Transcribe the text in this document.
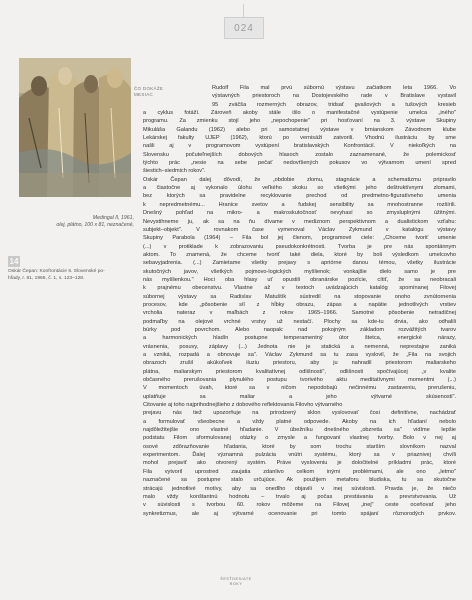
024
Medingal II, 1961,
olej, plátno, 100 x 81, neznačené,
14
Oskár Čepan: Konfrontácie 5. Slovenské po-
hľady, r. 81, 1965, č. 1, s. 123–128.
ČO DOKÁŽE
MESIAC
Rudolf Fila mal prvú súbornú výstavu začiatkom leta 1966. Vo
výstavných priestoroch na Dostojevského rade v Bratislave vystavil
95 zväčša rozmerných obrazov, tridsať gvašových a tušových kresieb
a cyklus fotáží. Zároveň akoby stále išlo o manifestačné vystúpenie umelca „iného"
programu. Za zmienku stojí jeho „nepochopenie" pri hosťovaní na 3. výstave Skupiny
Mikuláša Galandu (1962) alebo pri samostatnej výstave v brnianskom Závodnom klube
Lekárskej fakulty UJEP (1962), ktorú po vernisáži zatvorili. Vhodnú ilustráciu by sme
našli aj v programovom vystúpení bratislavských Konfrontácií. V niekoľkých na
Slovensku počuteľnejších dobových hlasoch zostalo zaznamenané, že polemickosť
týchto prác „nesie na sebe pečať nedovŕšených pokusov vo výtvarnom umení spred
šiestich–siedmich rokov".
Oskár Čepan dalej dôvodí, že „obdobie zlomu, stagnácie a schematizmu pripravilo
a čiastočne aj vykonalo úlohu veľkého skoku so všetkými jeho deštruktívnymi zlomami,
bez ktorých sa pravidelne recyklovanie prechod od predmetno-figuratívneho umenia
k nepredmetnému... Hranice svetov a fudskej sensibility sa mnohostranne rozšírili.
Dnešný pohľad na mikro- a makroskutočnosť nevyhasí so zmysluplnými úžitnými.
Nevystihneme ju, ak sa na ňu dívame v mediznom perspektivnom a dualistickom vzťahu:
subjekt–objekt". V rovnakom čase vymenoval Václav Zykmund v katalógu výstavy
Skupiny Parabola (1964) – Fila bol jej členom, programové ciele: „Chceme tvoriť umenie
(...) v protiklade k zobrazovaniu pseudokonkrétnosti. Tvorba je pre nás spontánnym
aktom. To znamená, že chceme tvoriť také diela, ktoré by boli výsledkom umelcovho
sebavyjadrenia. (...) Zamietame všetky prejavy s apriórne danou témou, všetky ilustrácie
skutočných javov, všetkých pojmovo-logických myšlienok; vonkajšie dielo samo je pre
nás myšlienkou." Hoci oba hlasy uť opustili obranárske pozície, cítiť, že sa neobracali
k prajnému obecenstvu. Vlastne až v textoch uvádzajúcich katalóg spomínanej Filovej
súbornej výstavy sa Radislav Matuštík sústredil na stopovanie onoho zvnútornenia
procesov, kde „pôsobenie síl z hĺbky obrazu, zápas a napätie jednotlivých vrstiev
vrcholia naterаz v maľbách z rokov 1965–1966. Samotné pôsobenie netradičnej
podmaľby na olejové vrchné vrstvy už nestačí. Plochy sa kde-tu drvia, ako odhalili
búrky pod povrchom. Alebo naopak: nad pokojným základom rozvážitých tvarov
a harmonických hladín postupne temperamentný útor štetca, energické nárazy,
vrásnenia, posuvy, záplavy (...) Jednota nie je statická a nemenná, neprestajne zaniká
a vzniká, rozpadá a obnovuje sa". Václav Zykmund sa tu zasa vyslovil, že „Fila na svojich
obrazoch zrušil akúkoľvek iluziu priestoru, aby ju nahradil priestorom maliarskeho
plátna, maliarskym priestorom kvalitatívnej odlišnosti", odlišnosti spočívajúcej „v kvalite
občasného prerušovania plynulého postupu tvorivého aktu meditatívnymi momentmi (...)
V momentoch úvah, ktoré sa v ničom nepodobajú nečinnému zastaveniu, prerušeniu,
uplatňuje sa maliar a jeho výtvarné skúsenosti".
Citovanie aj toho najprihodnejšieho z dobového reflektovania Filovho výtvarného
prejavu nás tiež upozorňuje na prirodzený sklon vyslovovať čosi definitívne, nachádzať
a formulovať všeobecne a vždy platné odpovede. Akoby na ich hľadaní nebolo
najdôležitejšie ono vlastné hľadanie. V úbežníku dnešného „obzretia sa" vidíme lepšie
podstatu Filom sformulovanej otázky o zmysle a fungovaní vlastnej tvorby. Bolo v nej aj
osové zdôrazňovanie hľadania, ktoré by som trochu starším slovníkom nazval
experimentom. Ďalej významná pulzácia vnútri systému, ktorý sa v priaznivej chvíli
mohol prejaviť ako otvorený systém. Práve vysloveniu je določitelné príkladmi prác, ktoré
Fila vytvoril uprostred zaujatia zdanlivo celkom inými problémami, ale ono „letmo"
naznačené sa postupne stalo určujúce. Ak použijem metaforu bludiska, tu sa skutočne
strácajú jednotlivé motívy, aby sa onedlho objavili v inej súvislosti. Pravda je, že niečo
malo vždy konštantnú hodnotu – trvalo aj počas prestávania a prevrstvovania. Už
v súvislosti s tvorbou 60. rokov môžeme na Filovej „inej" ceste oceňovať jeho
synkretizmus, ale aj výtvarné ocenovanie pri tomto spájaní rôznorodých prvkov.
ŠESŤDESIATE
ROKY
